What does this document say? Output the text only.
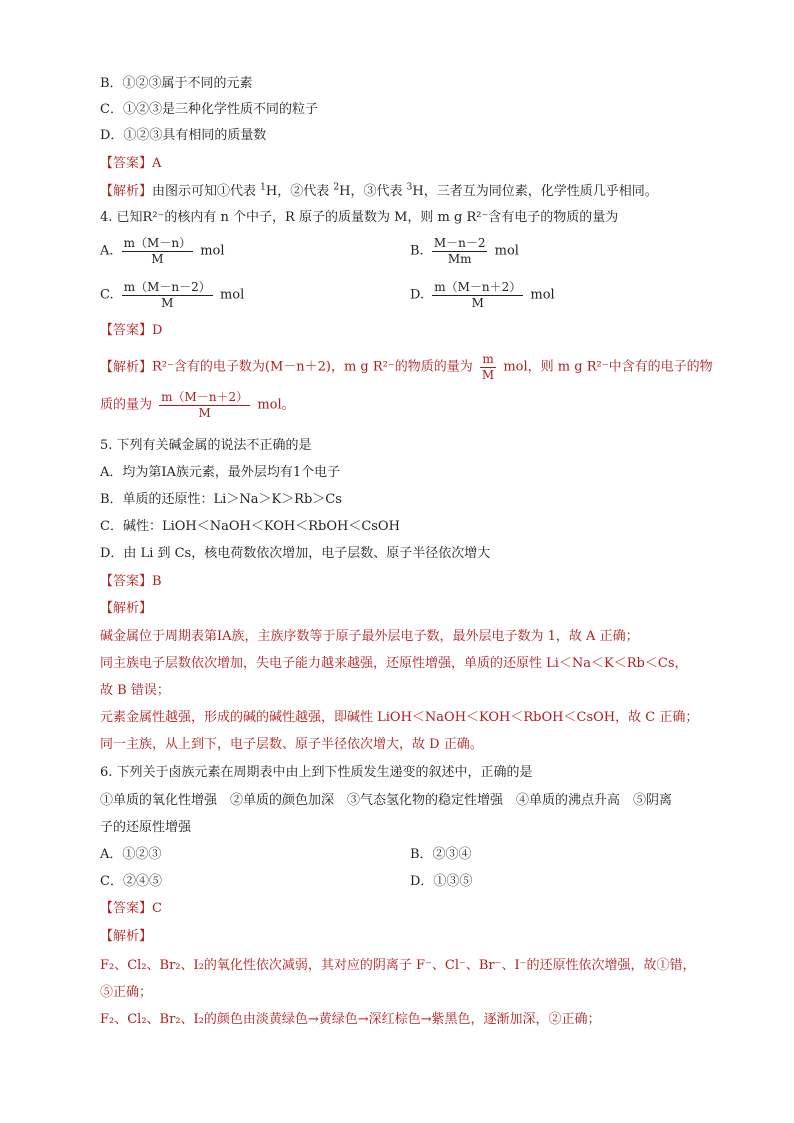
B．①②③属于不同的元素
C．①②③是三种化学性质不同的粒子
D．①②③具有相同的质量数
【答案】A
【解析】由图示可知①代表 $^1$H，②代表 $^2$H，③代表 $^3$H，三者互为同位素，化学性质几乎相同。
4. 已知R²⁻的核内有 n 个中子，R 原子的质量数为 M，则 m g R²⁻含有电子的物质的量为
A. $\frac{m(M-n)}{M}$ mol	B. $\frac{M-n-2}{Mm}$ mol
C. $\frac{m(M-n-2)}{M}$ mol	D. $\frac{m(M-n+2)}{M}$ mol
【答案】D
【解析】R²⁻含有的电子数为(M－n＋2)，m g R²⁻的物质的量为 $\frac{m}{M}$ mol，则 m g R²⁻中含有的电子的物
质的量为 $\frac{m(M-n+2)}{M}$ mol。
5. 下列有关碱金属的说法不正确的是
A．均为第ⅠA族元素，最外层均有1个电子
B．单质的还原性：Li＞Na＞K＞Rb＞Cs
C．碱性：LiOH＜NaOH＜KOH＜RbOH＜CsOH
D．由 Li 到 Cs，核电荷数依次增加，电子层数、原子半径依次增大
【答案】B
【解析】
碱金属位于周期表第ⅠA族，主族序数等于原子最外层电子数，最外层电子数为 1，故 A 正确；
同主族电子层数依次增加，失电子能力越来越强，还原性增强，单质的还原性 Li＜Na＜K＜Rb＜Cs，
故 B 错误；
元素金属性越强，形成的碱的碱性越强，即碱性 LiOH＜NaOH＜KOH＜RbOH＜CsOH，故 C 正确；
同一主族，从上到下，电子层数、原子半径依次增大，故 D 正确。
6. 下列关于卤族元素在周期表中由上到下性质发生递变的叙述中，正确的是
①单质的氧化性增强　②单质的颜色加深　③气态氢化物的稳定性增强　④单质的沸点升高　⑤阴离
子的还原性增强
A．①②③	B．②③④
C．②④⑤	D．①③⑤
【答案】C
【解析】
F₂、Cl₂、Br₂、I₂的氧化性依次减弱，其对应的阴离子 F⁻、Cl⁻、Br⁻、I⁻的还原性依次增强，故①错，
⑤正确；
F₂、Cl₂、Br₂、I₂的颜色由淡黄绿色→黄绿色→深红棕色→紫黑色，逐渐加深，②正确；
